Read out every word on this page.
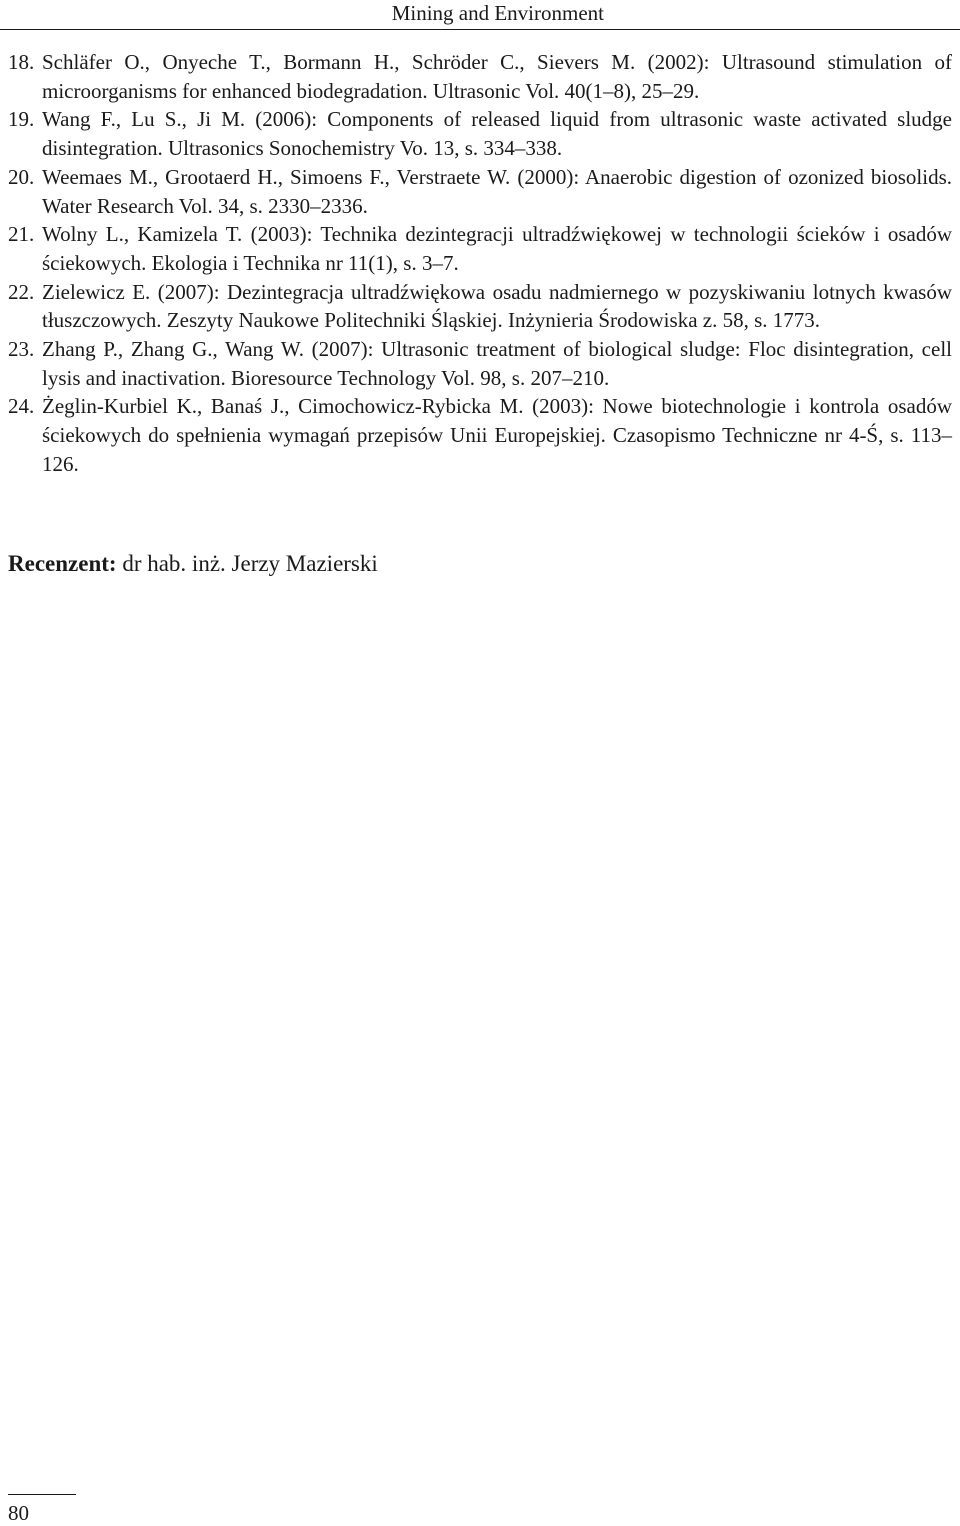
Mining and Environment
18. Schläfer O., Onyeche T., Bormann H., Schröder C., Sievers M. (2002): Ultrasound stimulation of microorganisms for enhanced biodegradation. Ultrasonic Vol. 40(1–8), 25–29.
19. Wang F., Lu S., Ji M. (2006): Components of released liquid from ultrasonic waste activated sludge disintegration. Ultrasonics Sonochemistry Vo. 13, s. 334–338.
20. Weemaes M., Grootaerd H., Simoens F., Verstraete W. (2000): Anaerobic digestion of ozonized biosolids. Water Research Vol. 34, s. 2330–2336.
21. Wolny L., Kamizela T. (2003): Technika dezintegracji ultradźwiękowej w technologii ścieków i osadów ściekowych. Ekologia i Technika nr 11(1), s. 3–7.
22. Zielewicz E. (2007): Dezintegracja ultradźwiękowa osadu nadmiernego w pozyskiwaniu lotnych kwasów tłuszczowych. Zeszyty Naukowe Politechniki Śląskiej. Inżynieria Środowiska z. 58, s. 1773.
23. Zhang P., Zhang G., Wang W. (2007): Ultrasonic treatment of biological sludge: Floc disintegration, cell lysis and inactivation. Bioresource Technology Vol. 98, s. 207–210.
24. Żeglin-Kurbiel K., Banaś J., Cimochowicz-Rybicka M. (2003): Nowe biotechnologie i kontrola osadów ściekowych do spełnienia wymagań przepisów Unii Europejskiej. Czasopismo Techniczne nr 4-Ś, s. 113–126.
Recenzent: dr hab. inż. Jerzy Mazierski
80
